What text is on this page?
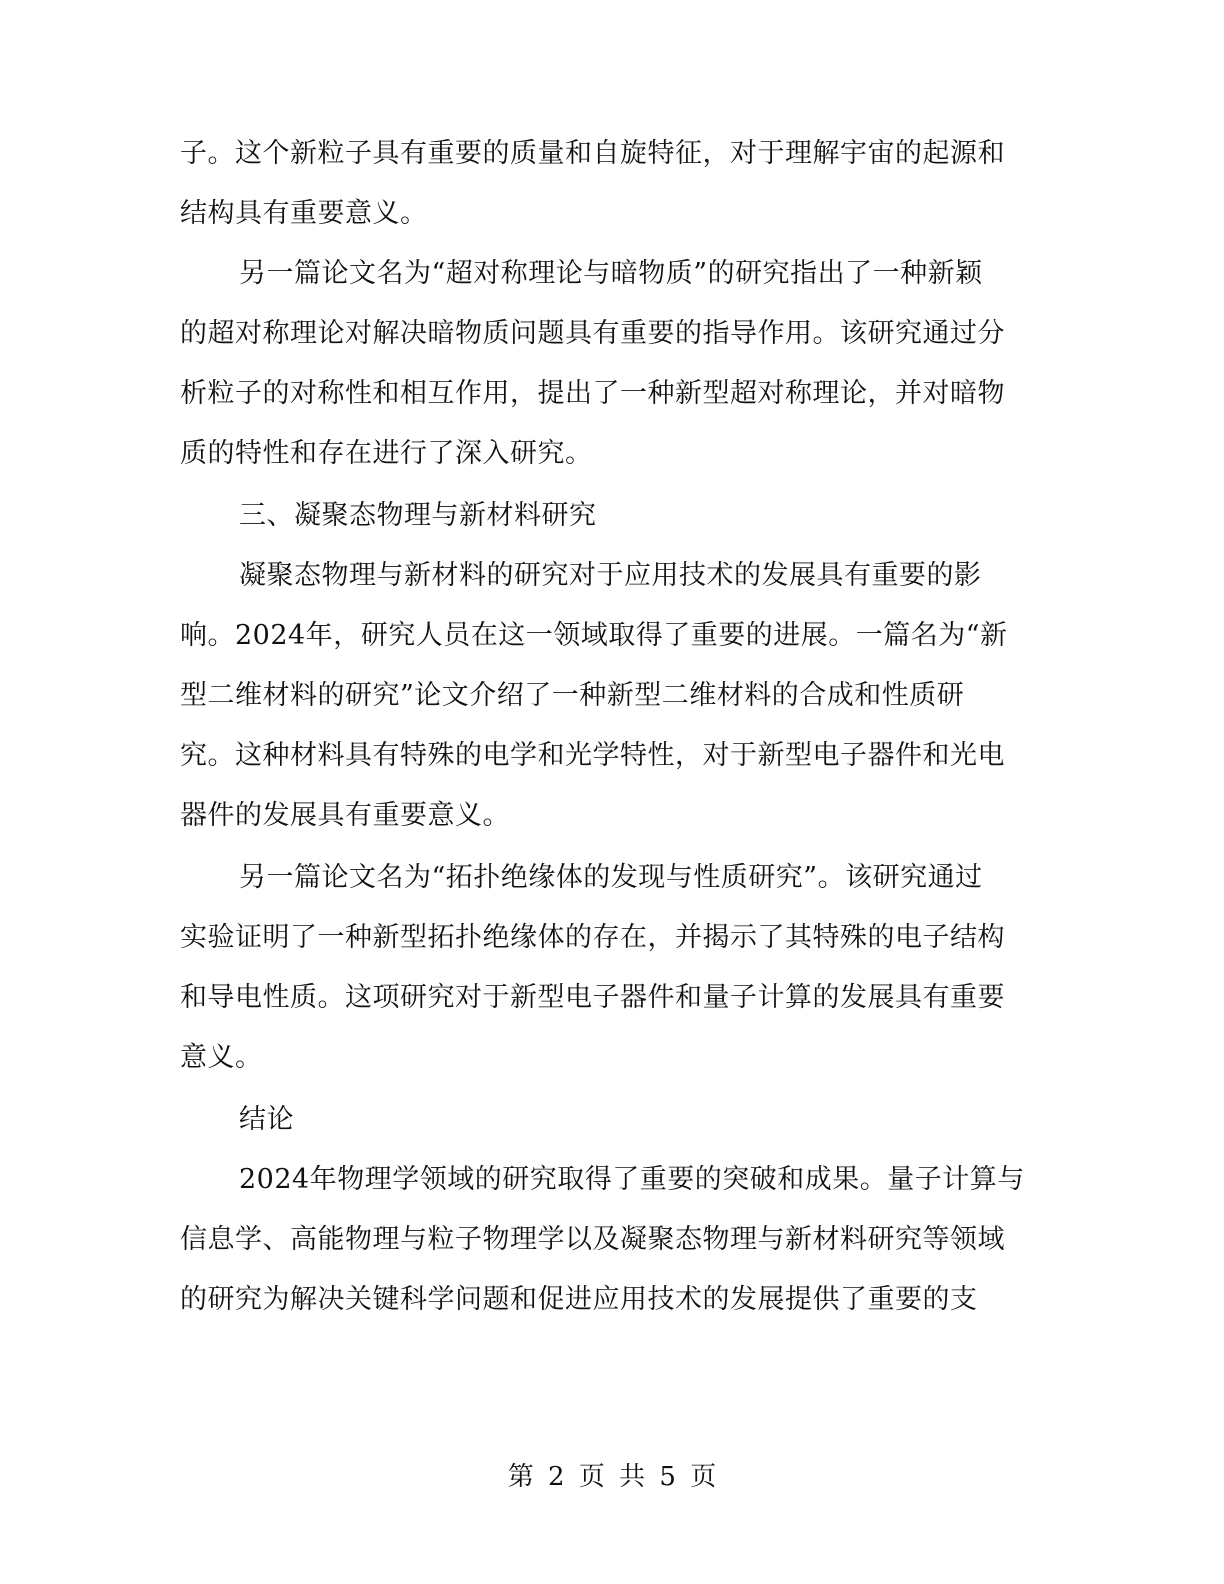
子。这个新粒子具有重要的质量和自旋特征，对于理解宇宙的起源和
结构具有重要意义。
另一篇论文名为“超对称理论与暗物质”的研究指出了一种新颖
的超对称理论对解决暗物质问题具有重要的指导作用。该研究通过分
析粒子的对称性和相互作用，提出了一种新型超对称理论，并对暗物
质的特性和存在进行了深入研究。
三、凝聚态物理与新材料研究
凝聚态物理与新材料的研究对于应用技术的发展具有重要的影
响。2024年，研究人员在这一领域取得了重要的进展。一篇名为“新
型二维材料的研究”论文介绍了一种新型二维材料的合成和性质研
究。这种材料具有特殊的电学和光学特性，对于新型电子器件和光电
器件的发展具有重要意义。
另一篇论文名为“拓扑绝缘体的发现与性质研究”。该研究通过
实验证明了一种新型拓扑绝缘体的存在，并揭示了其特殊的电子结构
和导电性质。这项研究对于新型电子器件和量子计算的发展具有重要
意义。
结论
2024年物理学领域的研究取得了重要的突破和成果。量子计算与
信息学、高能物理与粒子物理学以及凝聚态物理与新材料研究等领域
的研究为解决关键科学问题和促进应用技术的发展提供了重要的支
第 2 页 共 5 页
